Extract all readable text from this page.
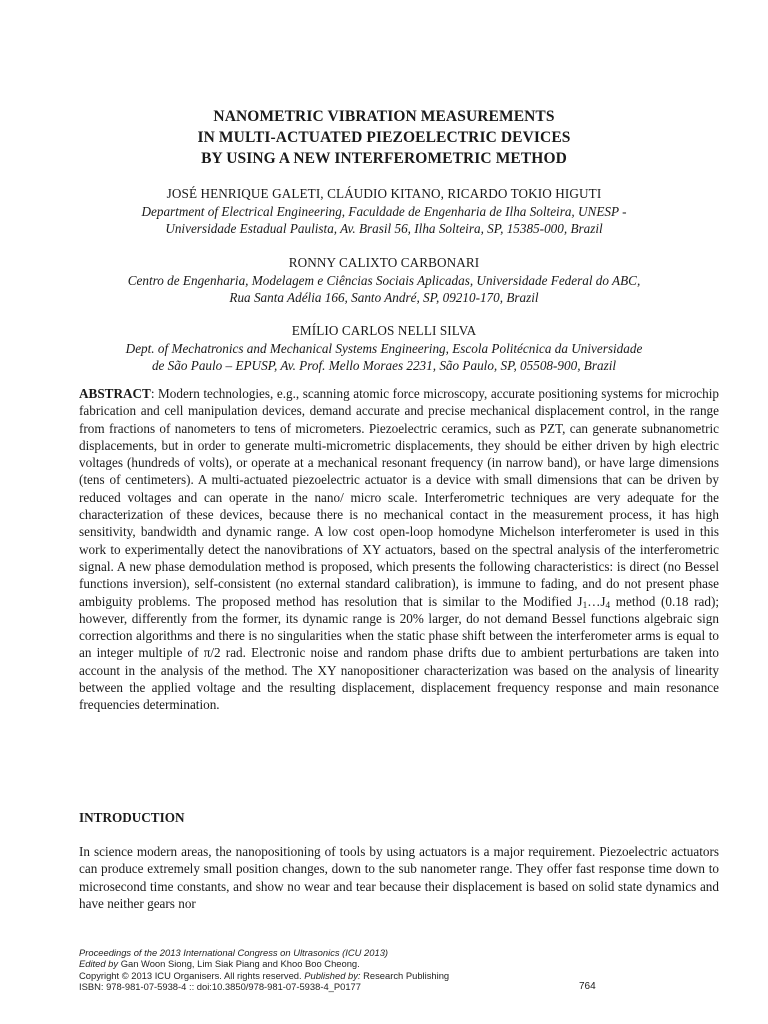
NANOMETRIC VIBRATION MEASUREMENTS
IN MULTI-ACTUATED PIEZOELECTRIC DEVICES
BY USING A NEW INTERFEROMETRIC METHOD
JOSÉ HENRIQUE GALETI, CLÁUDIO KITANO, RICARDO TOKIO HIGUTI
Department of Electrical Engineering, Faculdade de Engenharia de Ilha Solteira, UNESP -
Universidade Estadual Paulista, Av. Brasil 56, Ilha Solteira, SP, 15385-000, Brazil
RONNY CALIXTO CARBONARI
Centro de Engenharia, Modelagem e Ciências Sociais Aplicadas, Universidade Federal do ABC,
Rua Santa Adélia 166, Santo André, SP, 09210-170, Brazil
EMÍLIO CARLOS NELLI SILVA
Dept. of Mechatronics and Mechanical Systems Engineering, Escola Politécnica da Universidade
de São Paulo – EPUSP, Av. Prof. Mello Moraes 2231, São Paulo, SP, 05508-900, Brazil

ABSTRACT: Modern technologies, e.g., scanning atomic force microscopy, accurate positioning systems for microchip fabrication and cell manipulation devices, demand accurate and precise mechanical displacement control, in the range from fractions of nanometers to tens of micrometers. Piezoelectric ceramics, such as PZT, can generate subnanometric displacements, but in order to generate multi-micrometric displacements, they should be either driven by high electric voltages (hundreds of volts), or operate at a mechanical resonant frequency (in narrow band), or have large dimensions (tens of centimeters). A multi-actuated piezoelectric actuator is a device with small dimensions that can be driven by reduced voltages and can operate in the nano/ micro scale. Interferometric techniques are very adequate for the characterization of these devices, because there is no mechanical contact in the measurement process, it has high sensitivity, bandwidth and dynamic range. A low cost open-loop homodyne Michelson interferometer is used in this work to experimentally detect the nanovibrations of XY actuators, based on the spectral analysis of the interferometric signal. A new phase demodulation method is proposed, which presents the following characteristics: is direct (no Bessel functions inversion), self-consistent (no external standard calibration), is immune to fading, and do not present phase ambiguity problems. The proposed method has resolution that is similar to the Modified $J_1\dots J_4$ method (0.18 rad); however, differently from the former, its dynamic range is 20% larger, do not demand Bessel functions algebraic sign correction algorithms and there is no singularities when the static phase shift between the interferometer arms is equal to an integer multiple of π/2 rad. Electronic noise and random phase drifts due to ambient perturbations are taken into account in the analysis of the method. The XY nanopositioner characterization was based on the analysis of linearity between the applied voltage and the resulting displacement, displacement frequency response and main resonance frequencies determination.

INTRODUCTION

In science modern areas, the nanopositioning of tools by using actuators is a major requirement. Piezoelectric actuators can produce extremely small position changes, down to the sub nanometer range. They offer fast response time down to microsecond time constants, and show no wear and tear because their displacement is based on solid state dynamics and have neither gears nor

Proceedings of the 2013 International Congress on Ultrasonics (ICU 2013)
Edited by Gan Woon Siong, Lim Siak Piang and Khoo Boo Cheong.
Copyright © 2013 ICU Organisers. All rights reserved. Published by: Research Publishing
ISBN: 978-981-07-5938-4 :: doi:10.3850/978-981-07-5938-4_P0177	764
